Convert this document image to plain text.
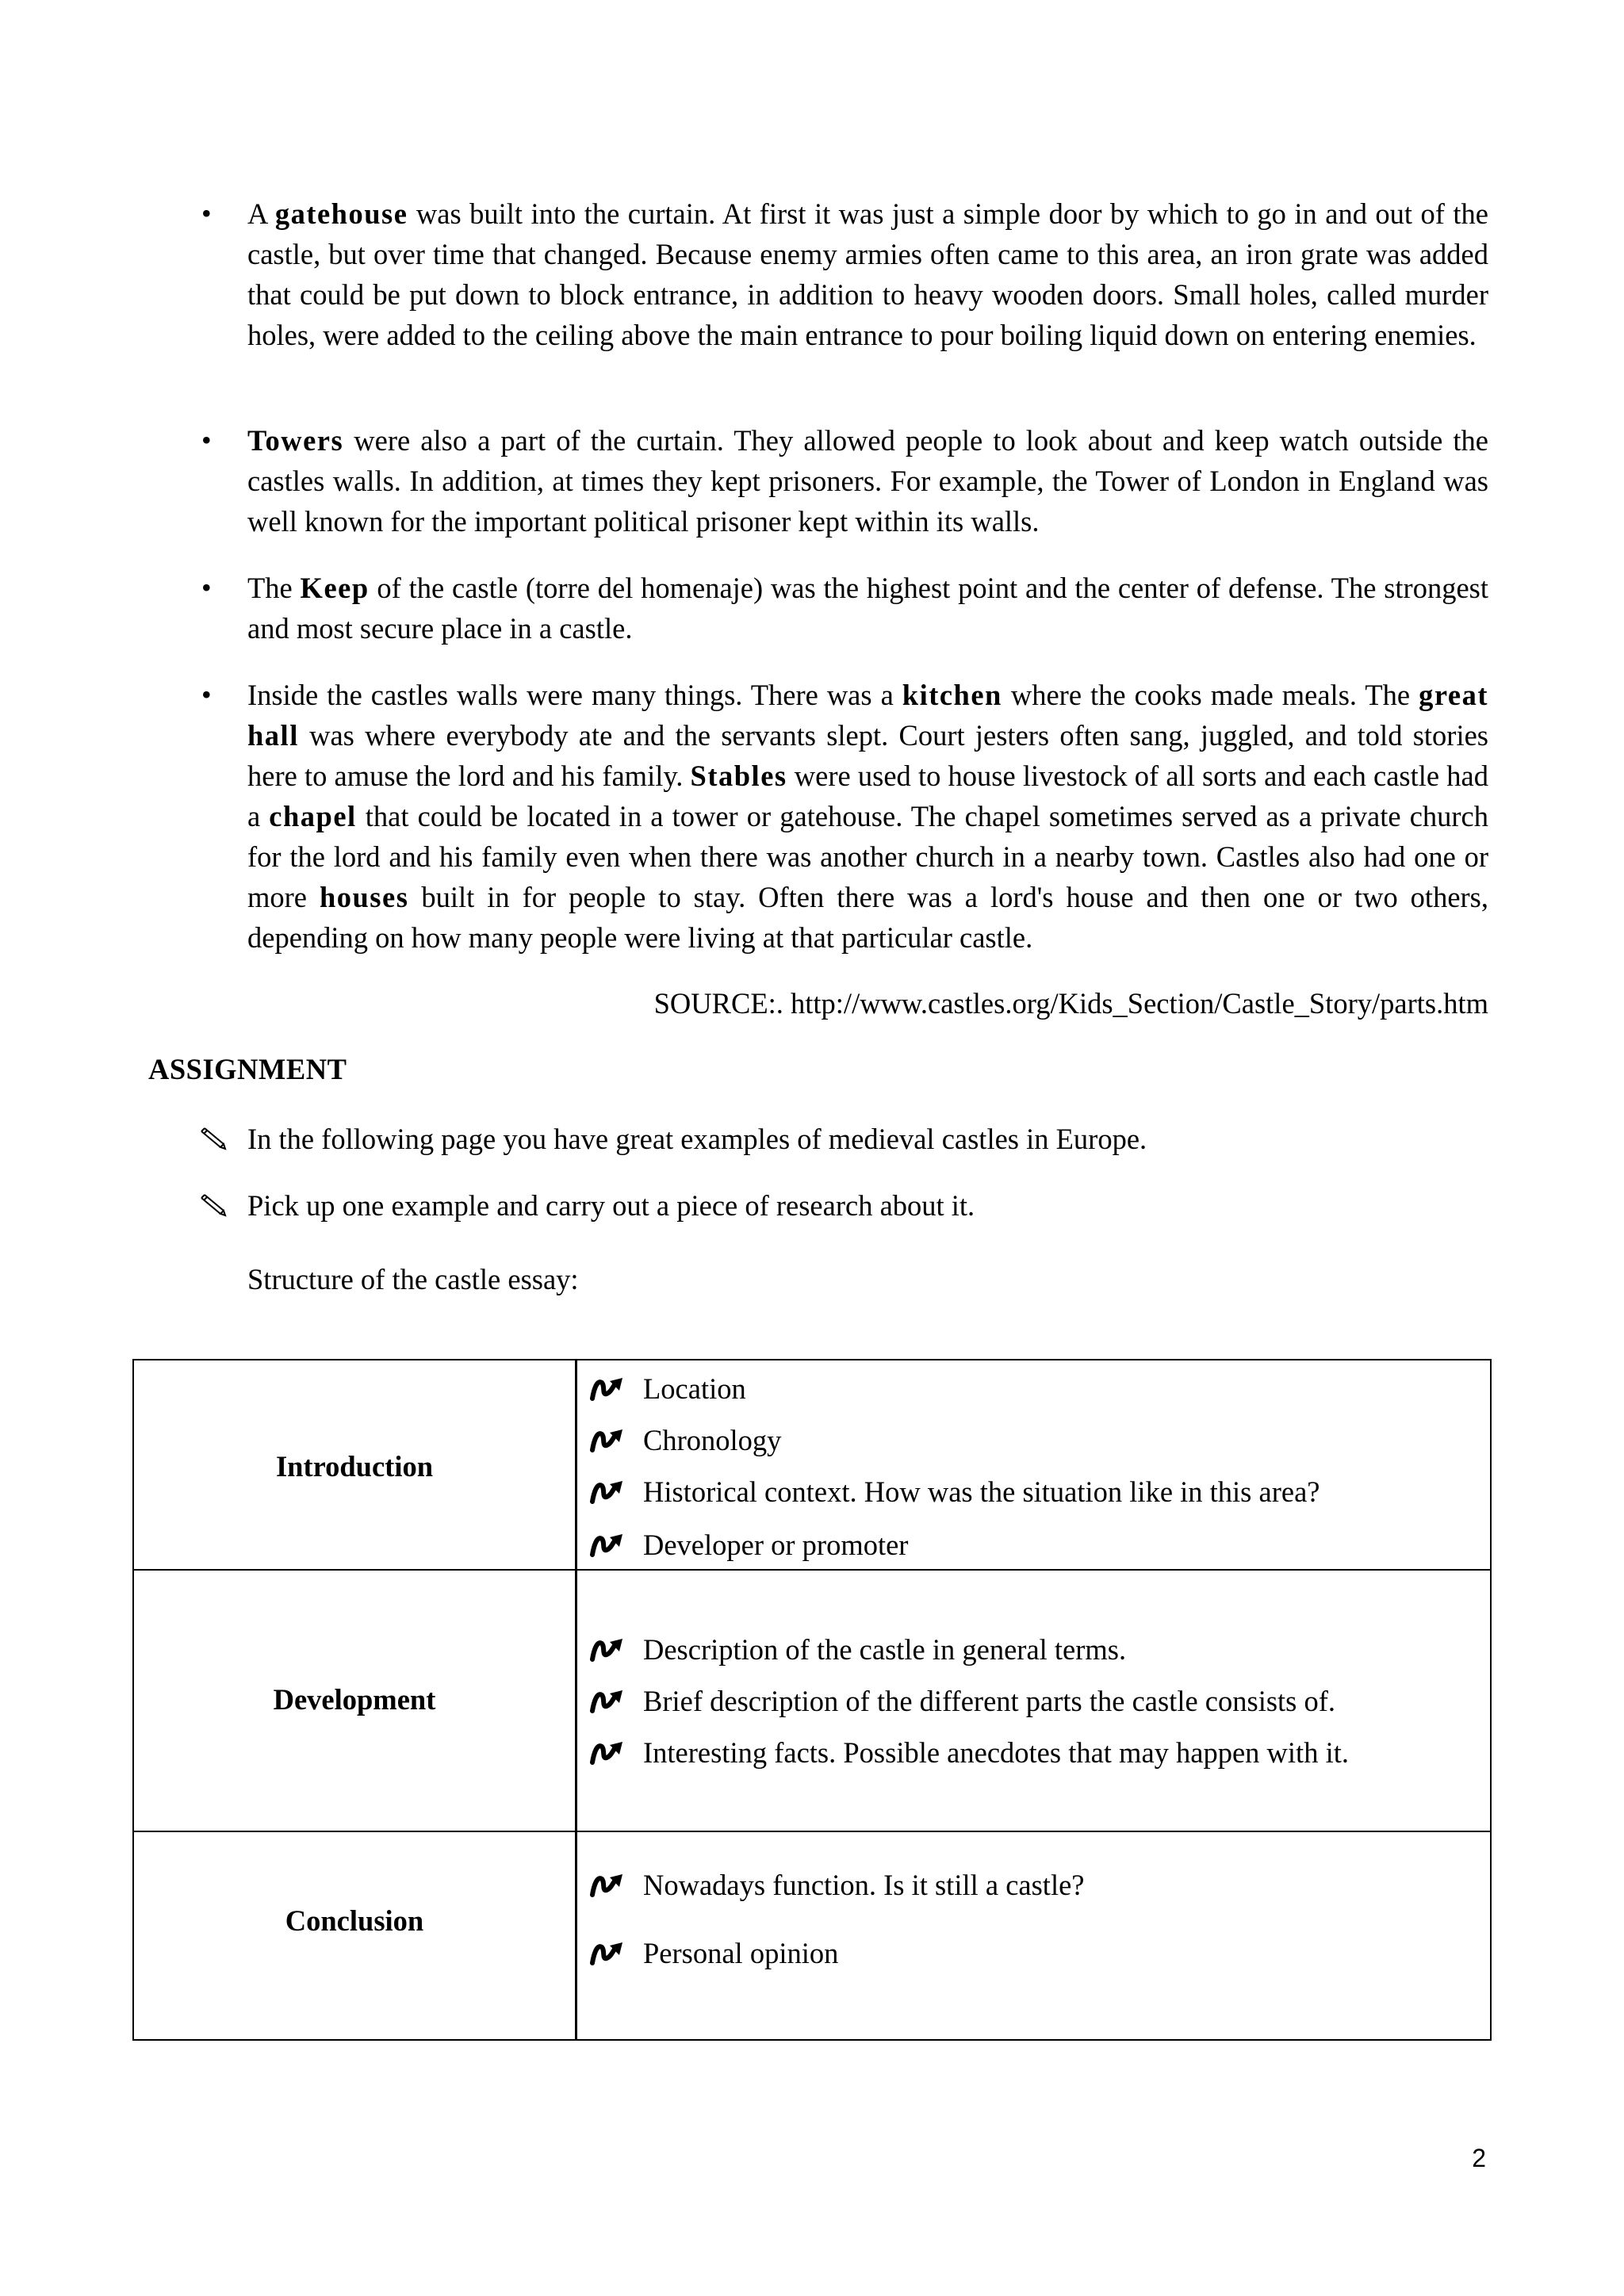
• A gatehouse was built into the curtain. At first it was just a simple door by which to go in and out of the castle, but over time that changed. Because enemy armies often came to this area, an iron grate was added that could be put down to block entrance, in addition to heavy wooden doors. Small holes, called murder holes, were added to the ceiling above the main entrance to pour boiling liquid down on entering enemies.
• Towers were also a part of the curtain. They allowed people to look about and keep watch outside the castles walls. In addition, at times they kept prisoners. For example, the Tower of London in England was well known for the important political prisoner kept within its walls.
• The Keep of the castle (torre del homenaje) was the highest point and the center of defense. The strongest and most secure place in a castle.
• Inside the castles walls were many things. There was a kitchen where the cooks made meals. The great hall was where everybody ate and the servants slept. Court jesters often sang, juggled, and told stories here to amuse the lord and his family. Stables were used to house livestock of all sorts and each castle had a chapel that could be located in a tower or gatehouse. The chapel sometimes served as a private church for the lord and his family even when there was another church in a nearby town. Castles also had one or more houses built in for people to stay. Often there was a lord's house and then one or two others, depending on how many people were living at that particular castle.
SOURCE:. http://www.castles.org/Kids_Section/Castle_Story/parts.htm
ASSIGNMENT
In the following page you have great examples of medieval castles in Europe.
Pick up one example and carry out a piece of research about it.
Structure of the castle essay:
Introduction
Location
Chronology
Historical context. How was the situation like in this area?
Developer or promoter
Development
Description of the castle in general terms.
Brief description of the different parts the castle consists of.
Interesting facts. Possible anecdotes that may happen with it.
Conclusion
Nowadays function. Is it still a castle?
Personal opinion
2
